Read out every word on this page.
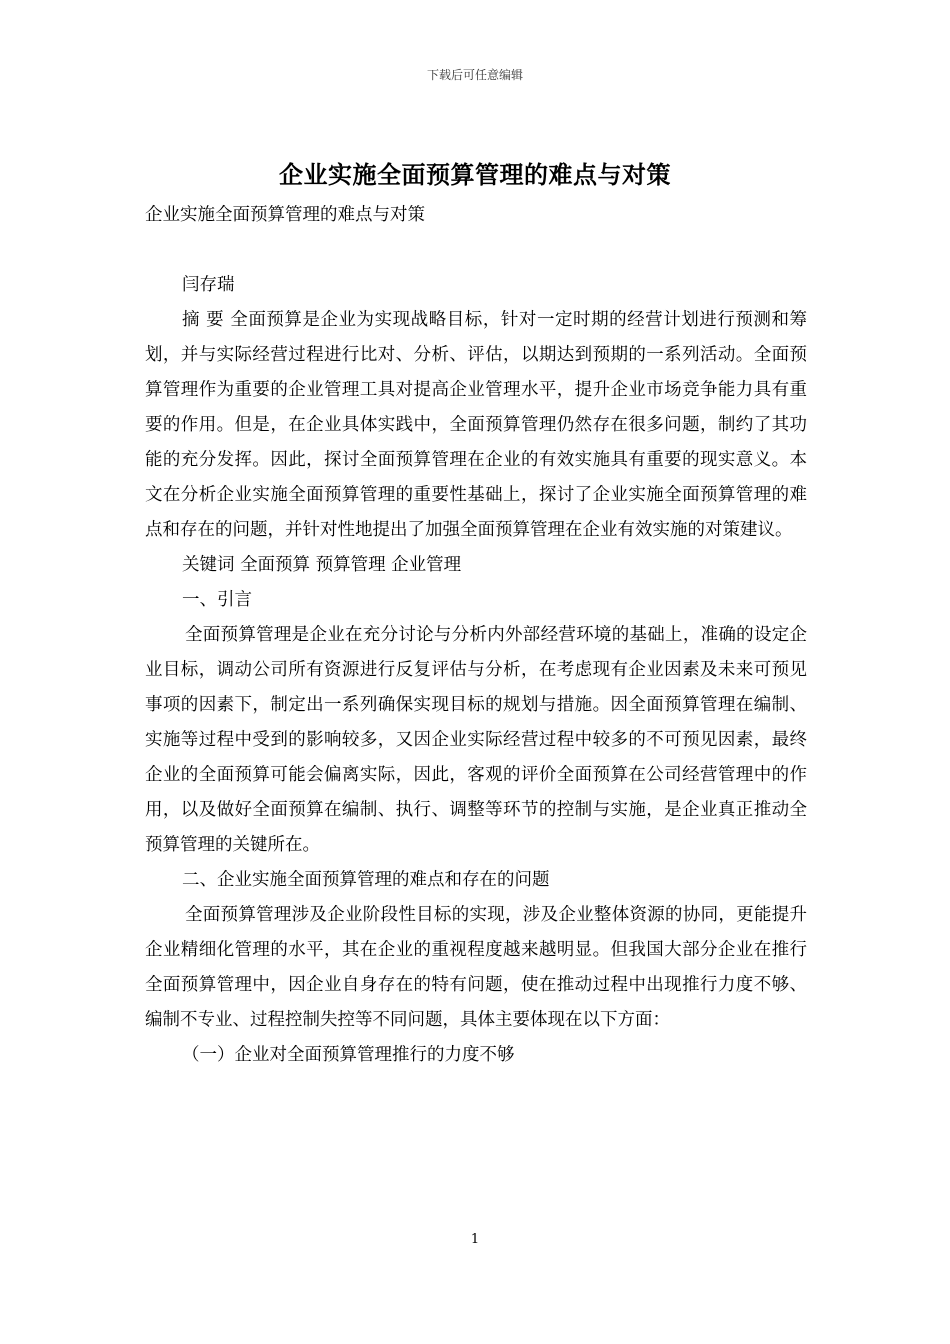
下载后可任意编辑
企业实施全面预算管理的难点与对策

企业实施全面预算管理的难点与对策

闫存瑞

摘 要 全面预算是企业为实现战略目标，针对一定时期的经营计划进行预测和筹划，并与实际经营过程进行比对、分析、评估，以期达到预期的一系列活动。全面预算管理作为重要的企业管理工具对提高企业管理水平，提升企业市场竞争能力具有重要的作用。但是，在企业具体实践中，全面预算管理仍然存在很多问题，制约了其功能的充分发挥。因此，探讨全面预算管理在企业的有效实施具有重要的现实意义。本文在分析企业实施全面预算管理的重要性基础上，探讨了企业实施全面预算管理的难点和存在的问题，并针对性地提出了加强全面预算管理在企业有效实施的对策建议。

关键词 全面预算 预算管理 企业管理

一、引言

全面预算管理是企业在充分讨论与分析内外部经营环境的基础上，准确的设定企业目标，调动公司所有资源进行反复评估与分析，在考虑现有企业因素及未来可预见事项的因素下，制定出一系列确保实现目标的规划与措施。因全面预算管理在编制、实施等过程中受到的影响较多，又因企业实际经营过程中较多的不可预见因素，最终企业的全面预算可能会偏离实际，因此，客观的评价全面预算在公司经营管理中的作用，以及做好全面预算在编制、执行、调整等环节的控制与实施，是企业真正推动全预算管理的关键所在。

二、企业实施全面预算管理的难点和存在的问题

全面预算管理涉及企业阶段性目标的实现，涉及企业整体资源的协同，更能提升企业精细化管理的水平，其在企业的重视程度越来越明显。但我国大部分企业在推行全面预算管理中，因企业自身存在的特有问题，使在推动过程中出现推行力度不够、编制不专业、过程控制失控等不同问题，具体主要体现在以下方面：

（一）企业对全面预算管理推行的力度不够

1
